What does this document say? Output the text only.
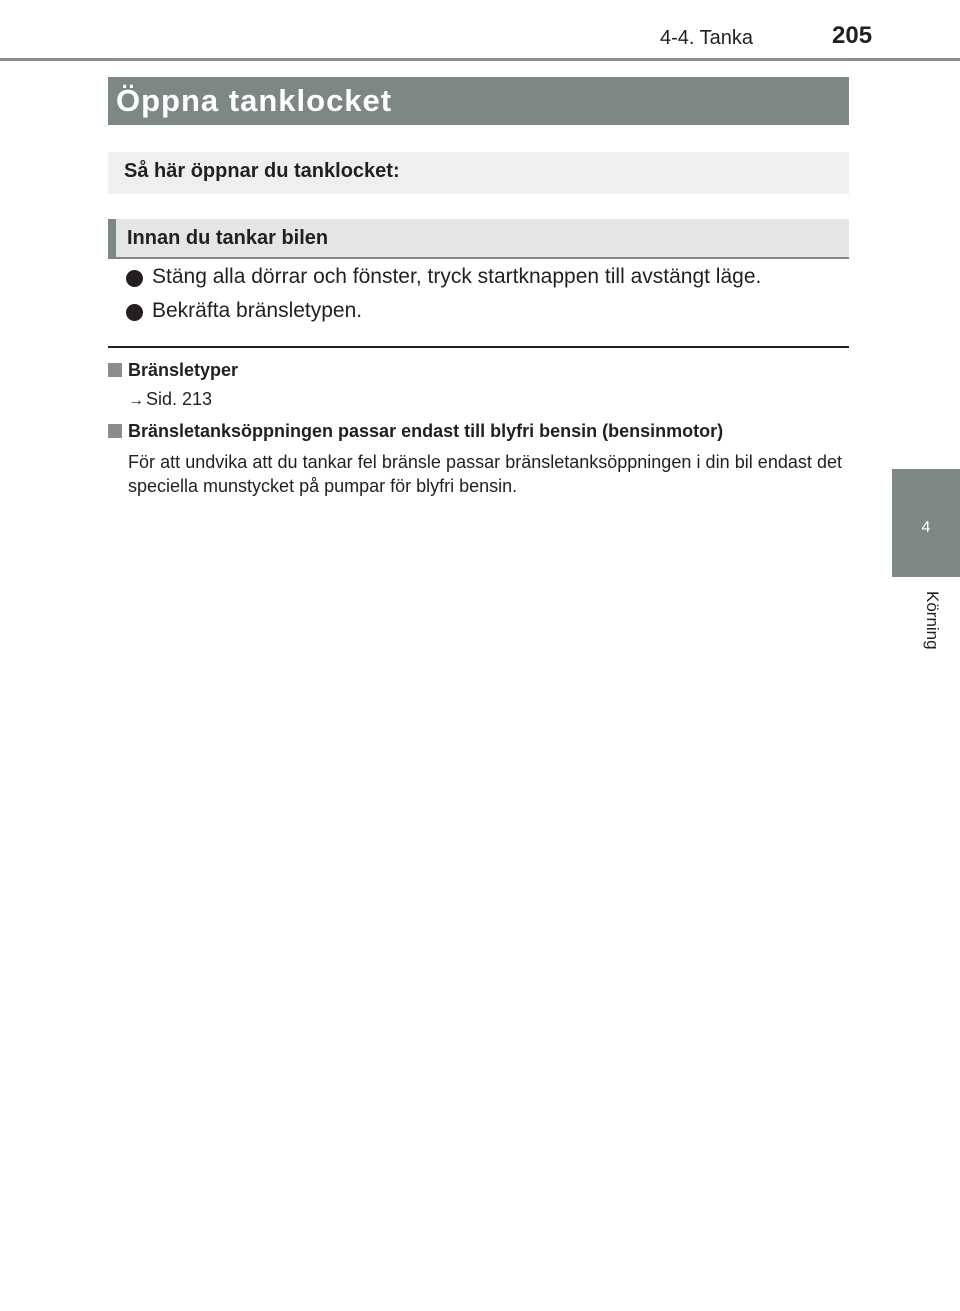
4-4. Tanka	205
Öppna tanklocket
Så här öppnar du tanklocket:
Innan du tankar bilen
Stäng alla dörrar och fönster, tryck startknappen till avstängt läge.
Bekräfta bränsletypen.
Bränsletyper
→ Sid. 213
Bränsletanksöppningen passar endast till blyfri bensin (bensinmotor)
För att undvika att du tankar fel bränsle passar bränsletanksöppningen i din bil endast det speciella munstycket på pumpar för blyfri bensin.
4
Körning
